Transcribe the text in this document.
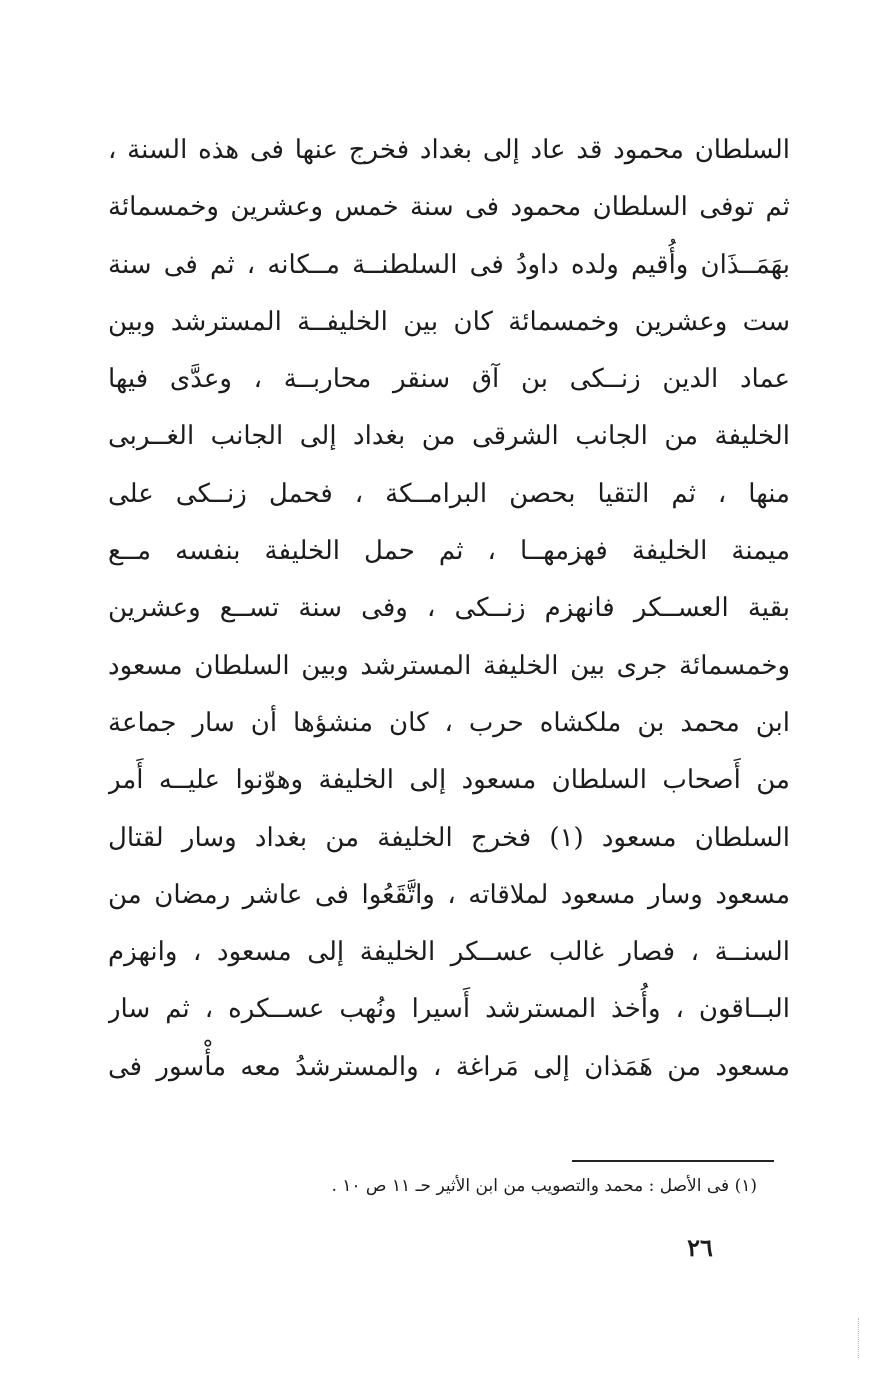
السلطان محمود قد عاد إلى بغداد فخرج عنها فى هذه السنة ،
ثم توفى السلطان محمود فى سنة خمس وعشرين وخمسمائة
بهَمَــذَان وأُقيم ولده داودُ فى السلطنــة مــكانه ، ثم فى سنة
ست وعشرين وخمسمائة كان بين الخليفــة المسترشد وبين
عماد الدين زنــكى بن آق سنقر محاربــة ، وعدَّى فيها
الخليفة من الجانب الشرقى من بغداد إلى الجانب الغــربى
منها ، ثم التقيا بحصن البرامــكة ، فحمل زنــكى على
ميمنة الخليفة فهزمهــا ، ثم حمل الخليفة بنفسه مــع
بقية العســكر فانهزم زنــكى ، وفى سنة تســع وعشرين
وخمسمائة جرى بين الخليفة المسترشد وبين السلطان مسعود
ابن محمد بن ملكشاه حرب ، كان منشؤها أن سار جماعة
من أَصحاب السلطان مسعود إلى الخليفة وهوّنوا عليــه أَمر
السلطان مسعود (١) فخرج الخليفة من بغداد وسار لقتال
مسعود وسار مسعود لملاقاته ، واتَّقَعُوا فى عاشر رمضان من
السنــة ، فصار غالب عســكر الخليفة إلى مسعود ، وانهزم
البــاقون ، وأُخذ المسترشد أَسيرا ونُهب عســكره ، ثم سار
مسعود من هَمَذان إلى مَراغة ، والمسترشدُ معه مأْسور فى
(١) فى الأصل : محمد والتصويب من ابن الأثير حـ ١١ ص ١٠ .
٢٦
